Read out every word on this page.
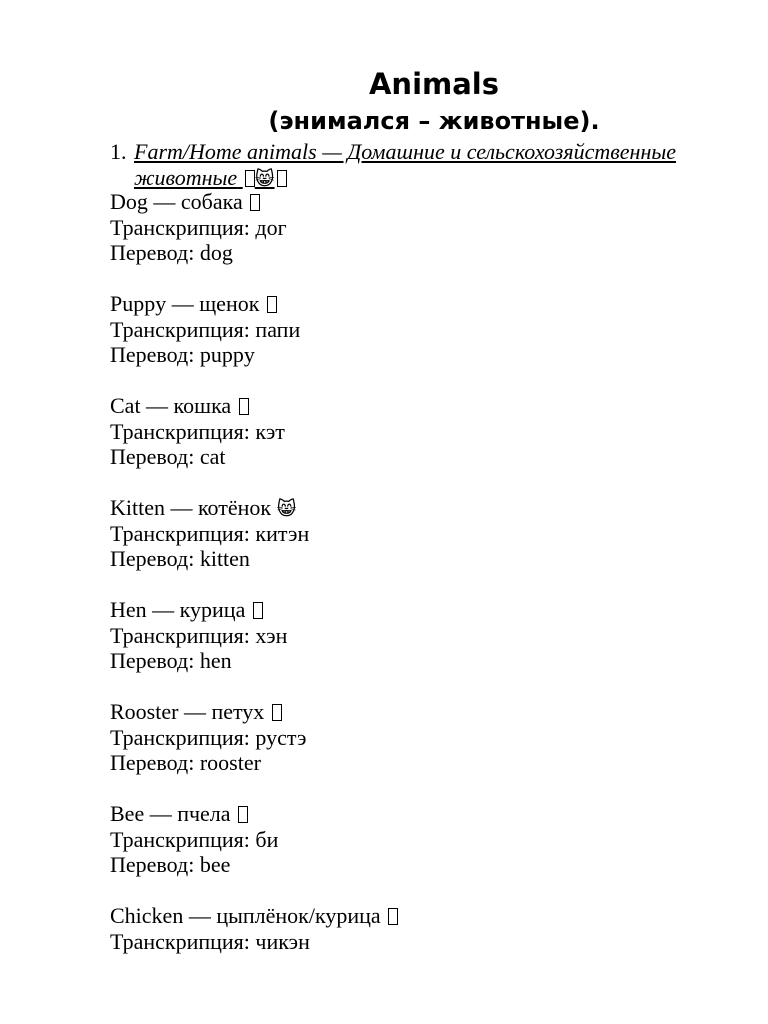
Animals
(энимался – животные).
1. Farm/Home animals — Домашние и сельскохозяйственные животные 😸
Dog — собака
Транскрипция: дог
Перевод: dog
Puppy — щенок
Транскрипция: папи
Перевод: puppy
Cat — кошка
Транскрипция: кэт
Перевод: cat
Kitten — котёнок 😸
Транскрипция: китэн
Перевод: kitten
Hen — курица
Транскрипция: хэн
Перевод: hen
Rooster — петух
Транскрипция: рустэ
Перевод: rooster
Bee — пчела
Транскрипция: би
Перевод: bee
Chicken — цыплёнок/курица
Транскрипция: чикэн
